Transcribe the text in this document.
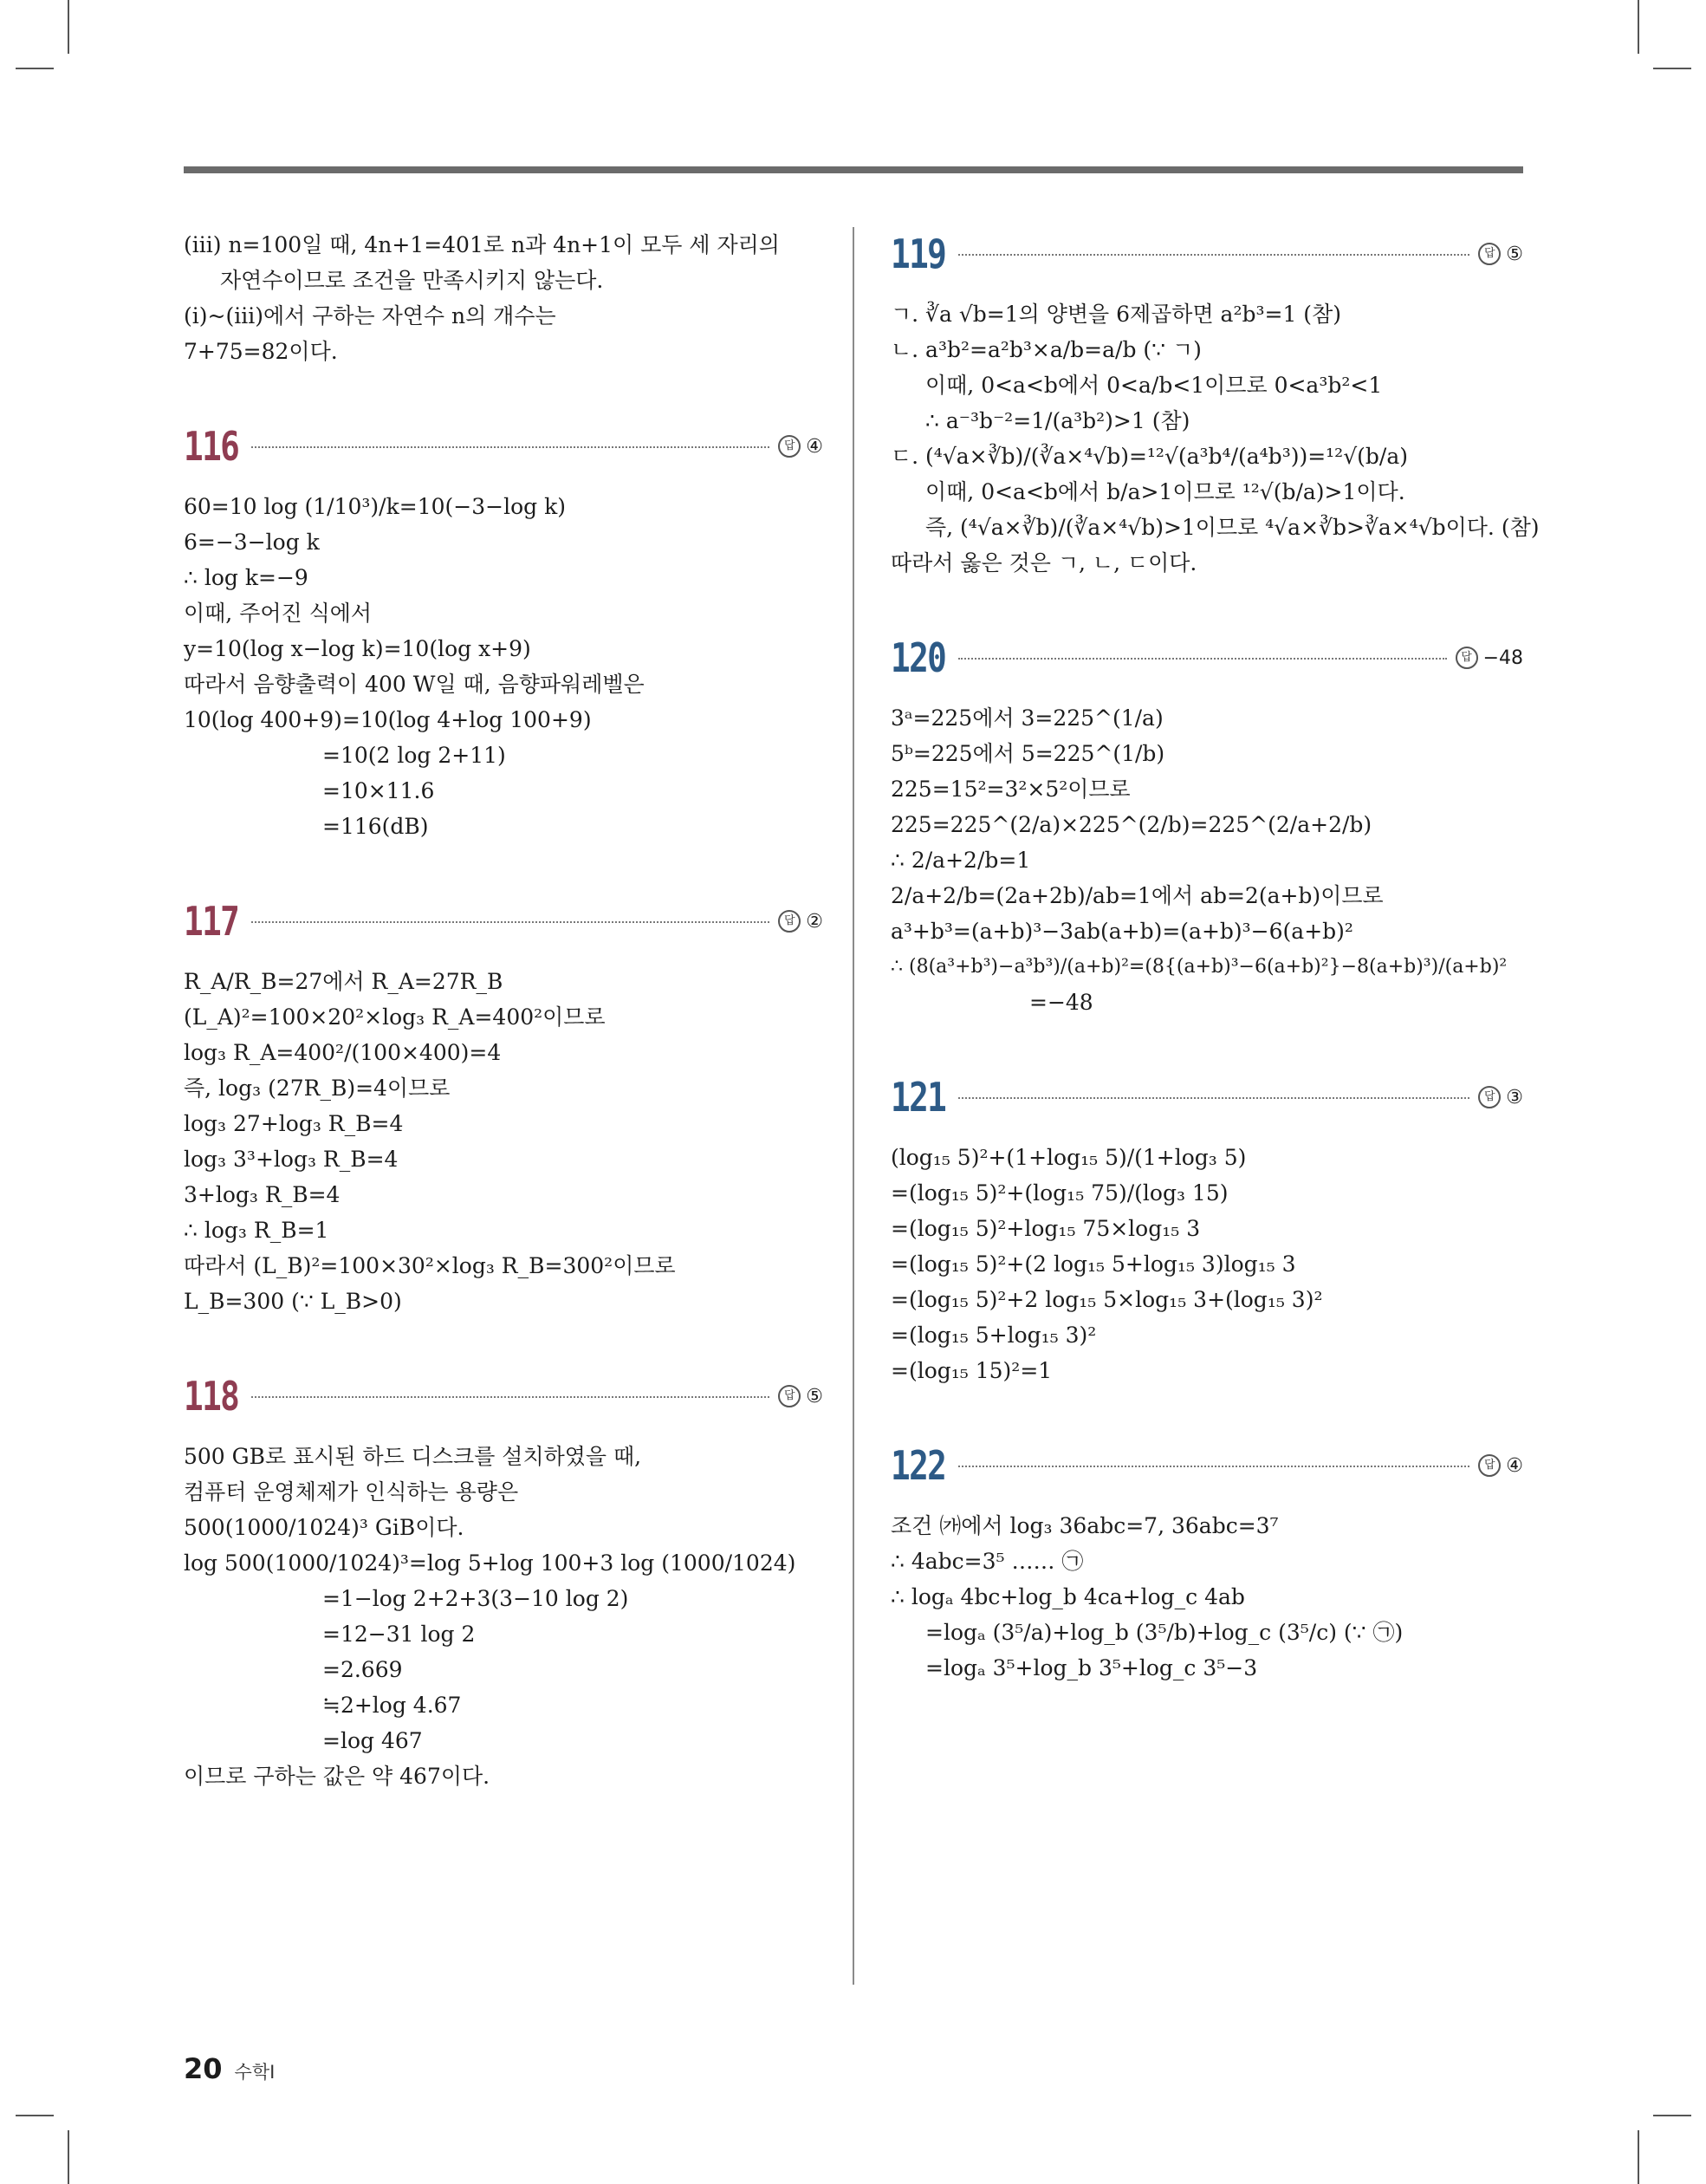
(ⅲ) n=100일 때, 4n+1=401로 n과 4n+1이 모두 세 자리의
자연수이므로 조건을 만족시키지 않는다.
(ⅰ)~(ⅲ)에서 구하는 자연수 n의 개수는
7+75=82이다.
116	답 ④
60=10 log (1/10³)/k=10(−3−log k)
6=−3−log k
∴ log k=−9
이때, 주어진 식에서
y=10(log x−log k)=10(log x+9)
따라서 음향출력이 400 W일 때, 음향파워레벨은
10(log 400+9)=10(log 4+log 100+9)
=10(2 log 2+11)
=10×11.6
=116(dB)
117	답 ②
R_A/R_B=27에서 R_A=27R_B
(L_A)²=100×20²×log₃ R_A=400²이므로
log₃ R_A=400²/(100×400)=4
즉, log₃ (27R_B)=4이므로
log₃ 27+log₃ R_B=4
log₃ 3³+log₃ R_B=4
3+log₃ R_B=4
∴ log₃ R_B=1
따라서 (L_B)²=100×30²×log₃ R_B=300²이므로
L_B=300 (∵ L_B>0)
118	답 ⑤
500 GB로 표시된 하드 디스크를 설치하였을 때,
컴퓨터 운영체제가 인식하는 용량은
500(1000/1024)³ GiB이다.
log 500(1000/1024)³=log 5+log 100+3 log (1000/1024)
=1−log 2+2+3(3−10 log 2)
=12−31 log 2
=2.669
≒2+log 4.67
=log 467
이므로 구하는 값은 약 467이다.
119	답 ⑤
ㄱ. ∛a √b=1의 양변을 6제곱하면 a²b³=1 (참)
ㄴ. a³b²=a²b³×a/b=a/b (∵ ㄱ)
이때, 0<a<b에서 0<a/b<1이므로 0<a³b²<1
∴ a⁻³b⁻²=1/(a³b²)>1 (참)
ㄷ. (⁴√a×∛b)/(∛a×⁴√b)=¹²√(a³b⁴/(a⁴b³))=¹²√(b/a)
이때, 0<a<b에서 b/a>1이므로 ¹²√(b/a)>1이다.
즉, (⁴√a×∛b)/(∛a×⁴√b)>1이므로 ⁴√a×∛b>∛a×⁴√b이다. (참)
따라서 옳은 것은 ㄱ, ㄴ, ㄷ이다.
120	답 −48
3ᵃ=225에서 3=225^(1/a)
5ᵇ=225에서 5=225^(1/b)
225=15²=3²×5²이므로
225=225^(2/a)×225^(2/b)=225^(2/a+2/b)
∴ 2/a+2/b=1
2/a+2/b=(2a+2b)/ab=1에서 ab=2(a+b)이므로
a³+b³=(a+b)³−3ab(a+b)=(a+b)³−6(a+b)²
∴ (8(a³+b³)−a³b³)/(a+b)²=(8{(a+b)³−6(a+b)²}−8(a+b)³)/(a+b)²
=−48
121	답 ③
(log₁₅ 5)²+(1+log₁₅ 5)/(1+log₃ 5)
=(log₁₅ 5)²+(log₁₅ 75)/(log₃ 15)
=(log₁₅ 5)²+log₁₅ 75×log₁₅ 3
=(log₁₅ 5)²+(2 log₁₅ 5+log₁₅ 3)log₁₅ 3
=(log₁₅ 5)²+2 log₁₅ 5×log₁₅ 3+(log₁₅ 3)²
=(log₁₅ 5+log₁₅ 3)²
=(log₁₅ 15)²=1
122	답 ④
조건 ㈎에서 log₃ 36abc=7, 36abc=3⁷
∴ 4abc=3⁵ …… ㉠
∴ logₐ 4bc+log_b 4ca+log_c 4ab
=logₐ (3⁵/a)+log_b (3⁵/b)+log_c (3⁵/c) (∵ ㉠)
=logₐ 3⁵+log_b 3⁵+log_c 3⁵−3
20 수학Ⅰ
